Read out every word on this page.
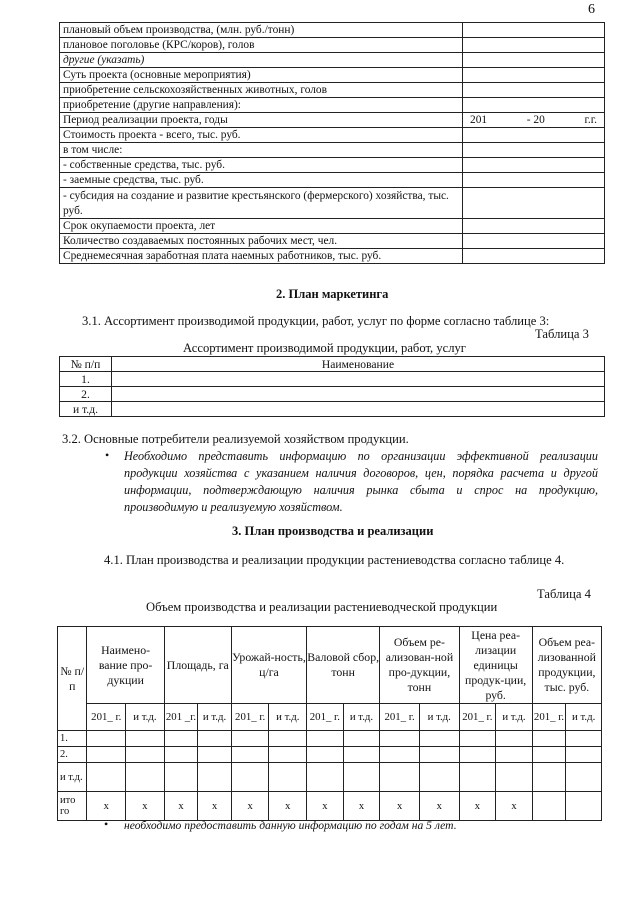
6
плановый объем производства, (млн. руб./тонн)	
плановое поголовье (КРС/коров), голов	
другие (указать)	
Суть проекта (основные мероприятия)	
приобретение сельскохозяйственных животных, голов	
приобретение (другие направления):	
Период реализации проекта, годы	201 - 20 г.г.

Стоимость проекта - всего, тыс. руб.	
в том числе:	
- собственные средства, тыс. руб.	
- заемные средства, тыс. руб.	
- субсидия на создание и развитие крестьянского (фермерского) хозяйства, тыс. руб.	
Срок окупаемости проекта, лет	
Количество создаваемых постоянных рабочих мест, чел.	
Среднемесячная заработная плата наемных работников, тыс. руб.	
2. План маркетинга
3.1. Ассортимент производимой продукции, работ, услуг по форме согласно таблице 3:
Таблица 3
Ассортимент производимой продукции, работ, услуг
№ п/п	Наименование
1.	
2.	
и т.д.	
3.2. Основные потребители реализуемой хозяйством продукции.
• Необходимо представить информацию по организации эффективной реализации продукции хозяйства с указанием наличия договоров, цен, порядка расчета и другой информации, подтверждающую наличия рынка сбыта и спрос на продукцию, производимую и реализуемую хозяйством.
3. План производства и реализации
4.1. План производства и реализации продукции растениеводства согласно таблице 4.
Таблица 4
Объем производства и реализации растениеводческой продукции
№ п/п	Наимено-вание про-дукции		Площадь, га		Урожай-ность, ц/га		Валовой сбор, тонн		Объем ре-ализован-ной про-дукции, тонн		Цена реа-лизации единицы продук-ции, руб.		Объем реа-лизованной продукции, тыс. руб.	
	201_ г.	и т.д.	201 _г.	и т.д.	201_ г.	и т.д.	201_ г.	и т.д.	201_ г.	и т.д.	201_ г.	и т.д.	201_ г.	и т.д.
1.														
2.														
и т.д.														
ито го	x	x	x	x	x	x	x	x	x	x	x	x		
• необходимо предоставить данную информацию по годам на 5 лет.
